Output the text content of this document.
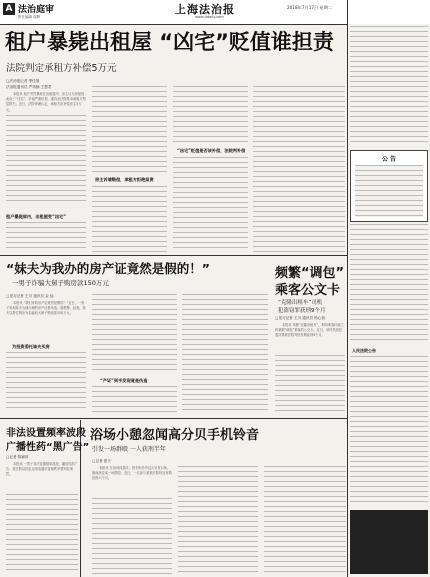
A 法治庭审
责任编辑 周辉
上海法治报
www.jfdaily.com
2018年7月17日 星期二
租户暴毙出租屋 “凶宅”贬值谁担责
法院判定承租方补偿5万元
□法治报记者 季佳晟
法治报通讯员 严靖楠 王慧君

本报讯 租户突然暴毙在出租屋内，房主认为房屋因此成了“凶宅”，价值严重贬损，遂诉至法院要求承租方赔偿损失。近日，法院审理认定，承租方应补偿房主5万元。

租户暴毙屏内，出租屋变“凶宅”
房主诉请赔偿，承租方拒绝担责
“凶宅”贬值是否该补偿，法院判补偿
“妹夫为我办的房产证竟然是假的！”
一男子诈骗大舅子购房款150万元
□见习记者 王川 通讯员 金 灿

本报讯 “我们家的房产证竟然是假的！”近日，一男子发现妹夫为他办理的房产证系伪造，遂报警。经查，妹夫以帮忙购房为名骗取大舅子购房款150万元。

为投资委托妹夫买房
“产证”到手发现竟是伪造
频繁“调包”
乘客公文卡
“克隆出租车”司机
犯盗窃罪获刑9个月
□见习记者 王川 通讯员 杨心怡

本报讯 驾驶“克隆出租车”，利用乘客付款之机频繁“调包”乘客的公交卡。近日，该司机因犯盗窃罪被法院判处有期徒刑9个月。

非法设置频率波段
广播性药“黑广告”
□记者 陈颖婷

本报讯 一男子非法设置频率波段，播放性药广告，被法院以扰乱无线电通讯管理秩序罪判处刑罚。

浴场小憩忽闻高分贝手机铃音
引发一场群殴 一人获刑半年
□记者 夏天

本报讯 在浴场休息时，因手机铃声过大引发口角，继而演变成一场群殴。近日，一名参与者被法院判处有期徒刑六个月。

公 告
人民法院公告
